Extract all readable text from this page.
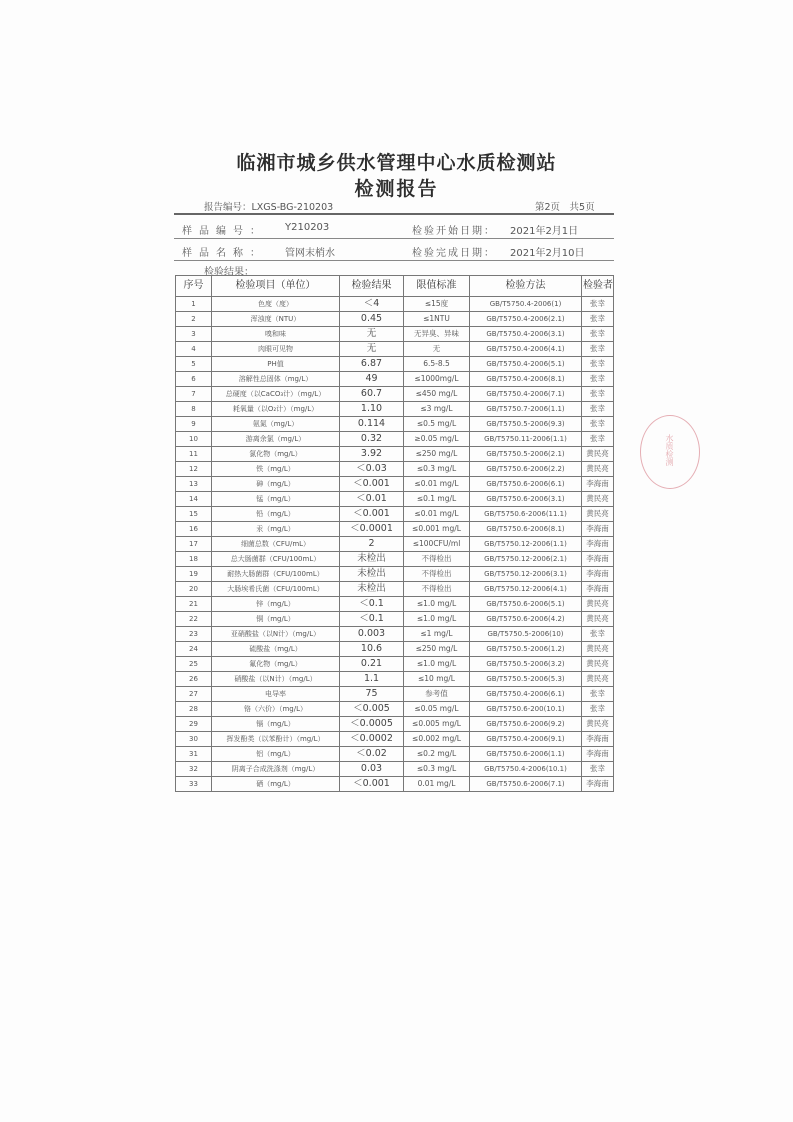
临湘市城乡供水管理中心水质检测站
检测报告
报告编号：LXGS-BG-210203	第2页　共5页
样品编号： Y210203	检验开始日期： 2021年2月1日
样品名称： 管网末梢水	检验完成日期： 2021年2月10日
检验结果：
序号	检验项目（单位）	检验结果	限值标准	检验方法	检验者
1	色度（度）	＜4	≤15度	GB/T5750.4-2006(1)	张幸
2	浑浊度（NTU）	0.45	≤1NTU	GB/T5750.4-2006(2.1)	张幸
3	嗅和味	无	无异臭、异味	GB/T5750.4-2006(3.1)	张幸
4	肉眼可见物	无	无	GB/T5750.4-2006(4.1)	张幸
5	PH值	6.87	6.5-8.5	GB/T5750.4-2006(5.1)	张幸
6	溶解性总固体（mg/L）	49	≤1000mg/L	GB/T5750.4-2006(8.1)	张幸
7	总硬度（以CaCO₃计）（mg/L）	60.7	≤450 mg/L	GB/T5750.4-2006(7.1)	张幸
8	耗氧量（以O₂计）（mg/L）	1.10	≤3 mg/L	GB/T5750.7-2006(1.1)	张幸
9	氨氮（mg/L）	0.114	≤0.5 mg/L	GB/T5750.5-2006(9.3)	张幸
10	游离余氯（mg/L）	0.32	≥0.05 mg/L	GB/T5750.11-2006(1.1)	张幸
11	氯化物（mg/L）	3.92	≤250 mg/L	GB/T5750.5-2006(2.1)	黄民亮
12	铁（mg/L）	＜0.03	≤0.3 mg/L	GB/T5750.6-2006(2.2)	黄民亮
13	砷（mg/L）	＜0.001	≤0.01 mg/L	GB/T5750.6-2006(6.1)	李海南
14	锰（mg/L）	＜0.01	≤0.1 mg/L	GB/T5750.6-2006(3.1)	黄民亮
15	铅（mg/L）	＜0.001	≤0.01 mg/L	GB/T5750.6-2006(11.1)	黄民亮
16	汞（mg/L）	＜0.0001	≤0.001 mg/L	GB/T5750.6-2006(8.1)	李海南
17	细菌总数（CFU/mL）	2	≤100CFU/ml	GB/T5750.12-2006(1.1)	李海南
18	总大肠菌群（CFU/100mL）	未检出	不得检出	GB/T5750.12-2006(2.1)	李海南
19	耐热大肠菌群（CFU/100mL）	未检出	不得检出	GB/T5750.12-2006(3.1)	李海南
20	大肠埃希氏菌（CFU/100mL）	未检出	不得检出	GB/T5750.12-2006(4.1)	李海南
21	锌（mg/L）	＜0.1	≤1.0 mg/L	GB/T5750.6-2006(5.1)	黄民亮
22	铜（mg/L）	＜0.1	≤1.0 mg/L	GB/T5750.6-2006(4.2)	黄民亮
23	亚硝酸盐（以N计）（mg/L）	0.003	≤1 mg/L	GB/T5750.5-2006(10)	张幸
24	硫酸盐（mg/L）	10.6	≤250 mg/L	GB/T5750.5-2006(1.2)	黄民亮
25	氟化物（mg/L）	0.21	≤1.0 mg/L	GB/T5750.5-2006(3.2)	黄民亮
26	硝酸盐（以N计）（mg/L）	1.1	≤10 mg/L	GB/T5750.5-2006(5.3)	黄民亮
27	电导率	75	参考值	GB/T5750.4-2006(6.1)	张幸
28	铬（六价）（mg/L）	＜0.005	≤0.05 mg/L	GB/T5750.6-200(10.1)	张幸
29	镉（mg/L）	＜0.0005	≤0.005 mg/L	GB/T5750.6-2006(9.2)	黄民亮
30	挥发酚类（以苯酚计）（mg/L）	＜0.0002	≤0.002 mg/L	GB/T5750.4-2006(9.1)	李海南
31	铝（mg/L）	＜0.02	≤0.2 mg/L	GB/T5750.6-2006(1.1)	李海南
32	阴离子合成洗涤剂（mg/L）	0.03	≤0.3 mg/L	GB/T5750.4-2006(10.1)	张幸
33	硒（mg/L）	＜0.001	0.01 mg/L	GB/T5750.6-2006(7.1)	李海南
水质检测
